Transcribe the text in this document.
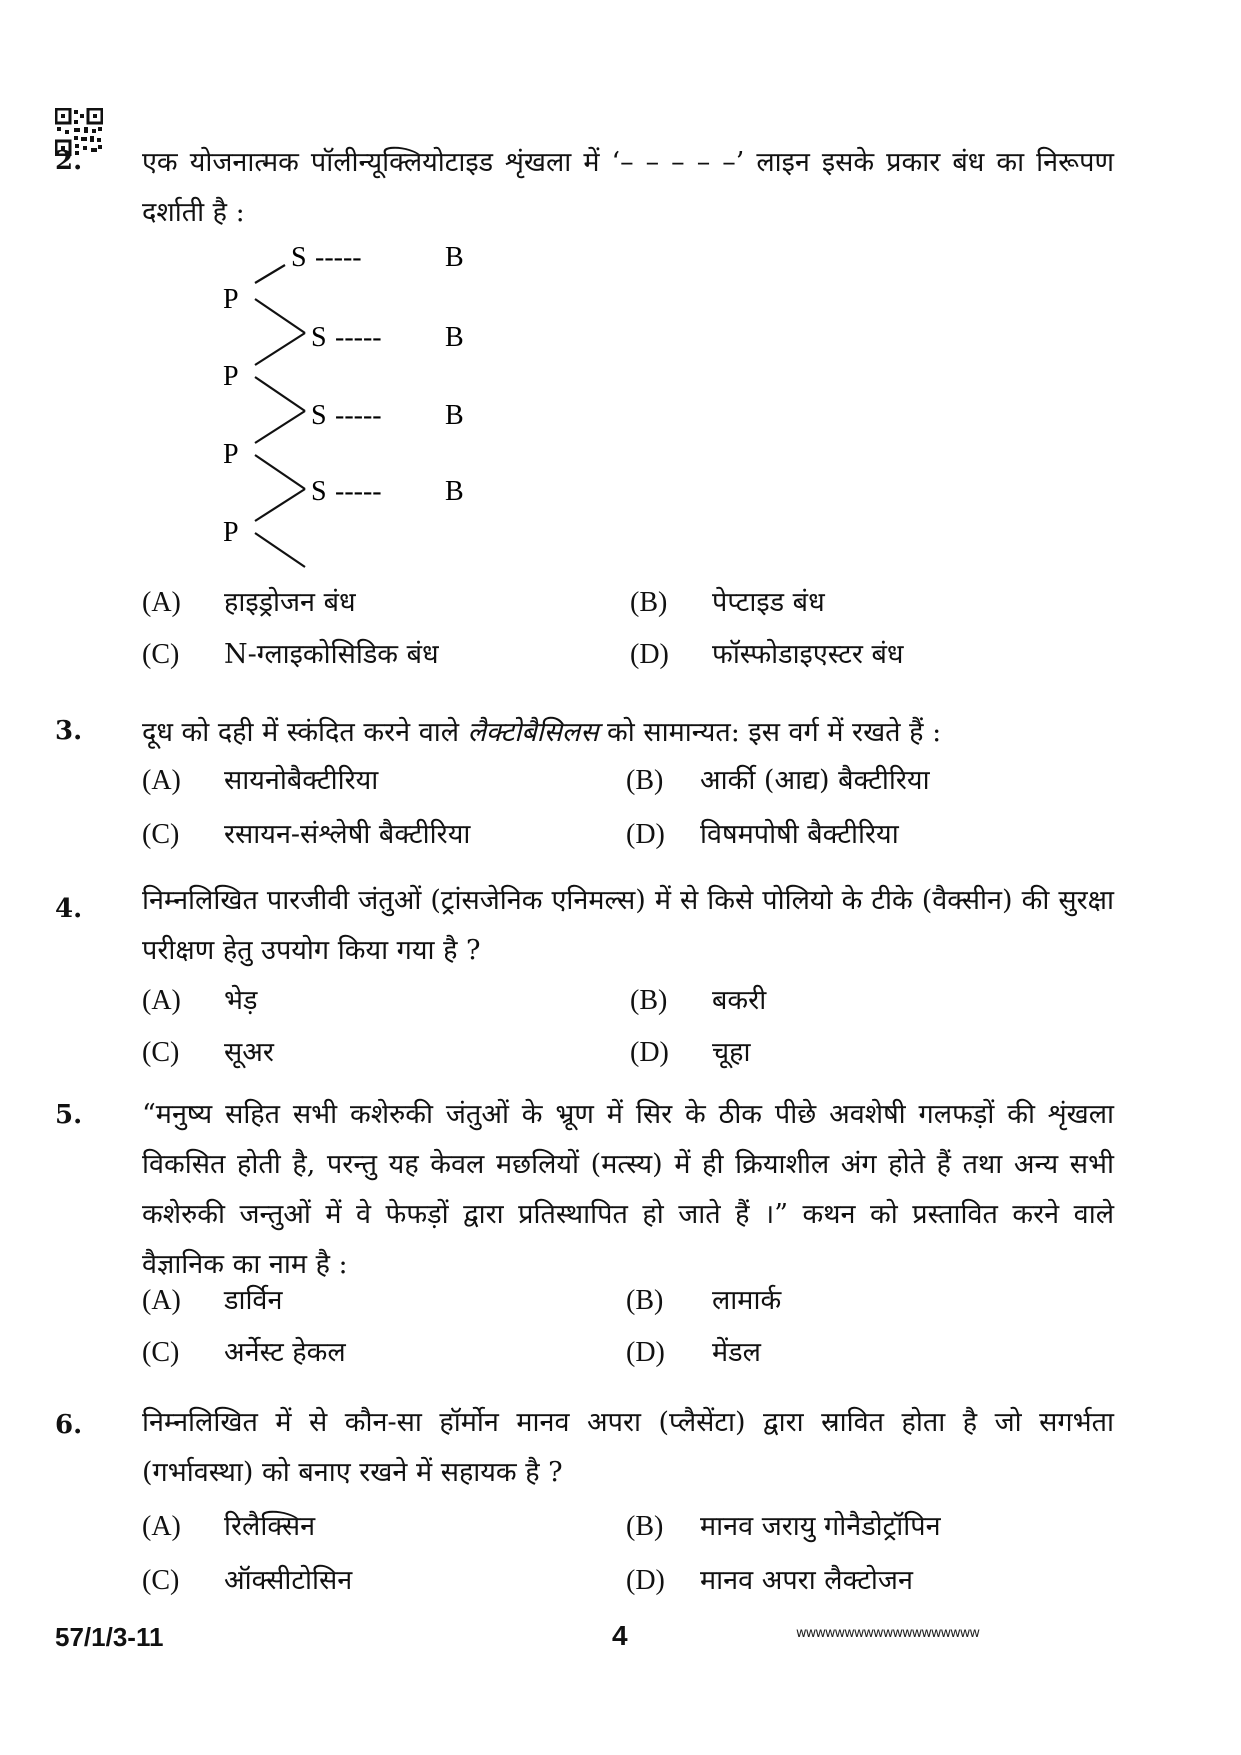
2. एक योजनात्मक पॉलीन्यूक्लियोटाइड शृंखला में ‘– – – – –’ लाइन इसके प्रकार बंध का निरूपण दर्शाती है :
P
P
P
P
S -----	B
S ----- B
S ----- B
S ----- B
(A) हाइड्रोजन बंध	(B) पेप्टाइड बंध
(C) N-ग्लाइकोसिडिक बंध	(D) फॉस्फोडाइएस्टर बंध
3. दूध को दही में स्कंदित करने वाले लैक्टोबैसिलस को सामान्यत: इस वर्ग में रखते हैं :
(A) सायनोबैक्टीरिया	(B) आर्की (आद्य) बैक्टीरिया
(C) रसायन-संश्लेषी बैक्टीरिया	(D) विषमपोषी बैक्टीरिया
4. निम्नलिखित पारजीवी जंतुओं (ट्रांसजेनिक एनिमल्स) में से किसे पोलियो के टीके (वैक्सीन) की सुरक्षा परीक्षण हेतु उपयोग किया गया है ?
(A) भेड़	(B) बकरी
(C) सूअर	(D) चूहा
5. “मनुष्य सहित सभी कशेरुकी जंतुओं के भ्रूण में सिर के ठीक पीछे अवशेषी गलफड़ों की शृंखला विकसित होती है, परन्तु यह केवल मछलियों (मत्स्य) में ही क्रियाशील अंग होते हैं तथा अन्य सभी कशेरुकी जन्तुओं में वे फेफड़ों द्वारा प्रतिस्थापित हो जाते हैं ।” कथन को प्रस्तावित करने वाले वैज्ञानिक का नाम है :
(A) डार्विन	(B) लामार्क
(C) अर्नेस्ट हेकल	(D) मेंडल
6. निम्नलिखित में से कौन-सा हॉर्मोन मानव अपरा (प्लैसेंटा) द्वारा स्रावित होता है जो सगर्भता (गर्भावस्था) को बनाए रखने में सहायक है ?
(A) रिलैक्सिन	(B) मानव जरायु गोनैडोट्रॉपिन
(C) ऑक्सीटोसिन	(D) मानव अपरा लैक्टोजन
57/1/3-11	4	wwwwwwwwwwwwwwwwwww
